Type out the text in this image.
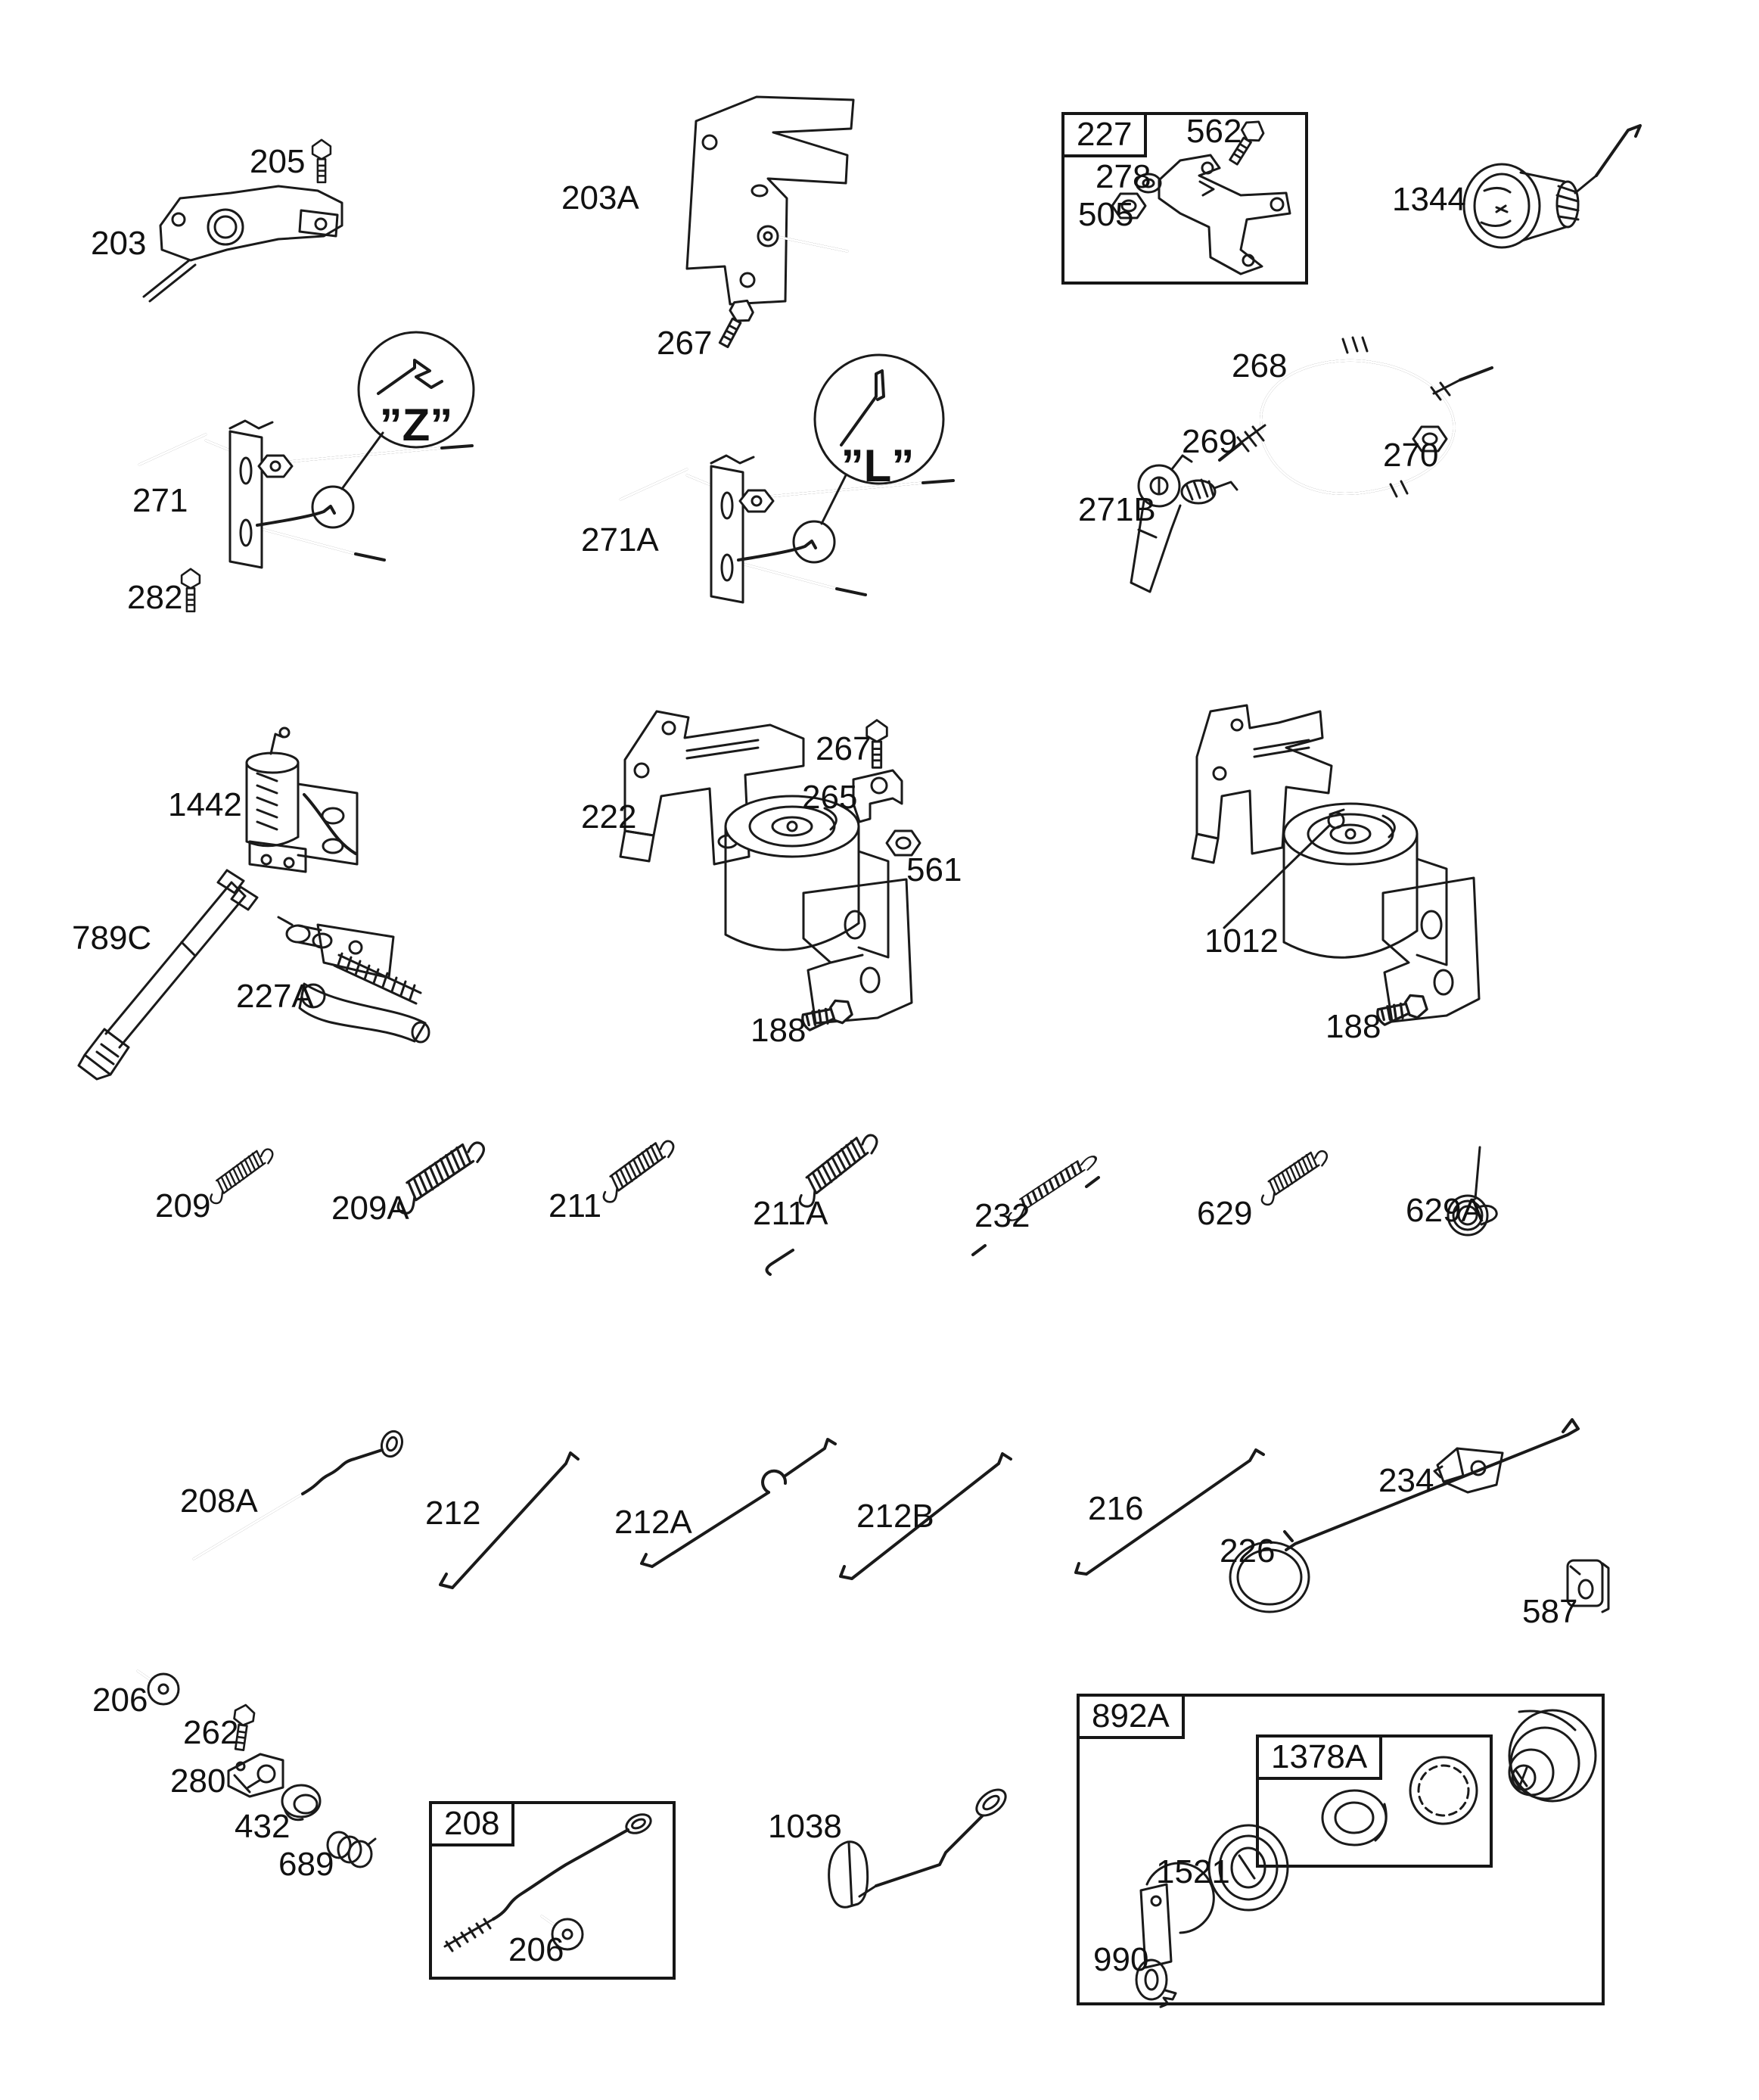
227
208
892A
1378A
203
205
203A
267
562
278
505	1344
”Z”
”L”
271
282
271A
268
269	270
271B
1442
789C
227A
222
267
265
561
188
1012
188
209	209A	211	211A	232	629	629A
208A	212	212A	212B	216
234
226
587
206
262
280
432
689
206
1038
1521
990
